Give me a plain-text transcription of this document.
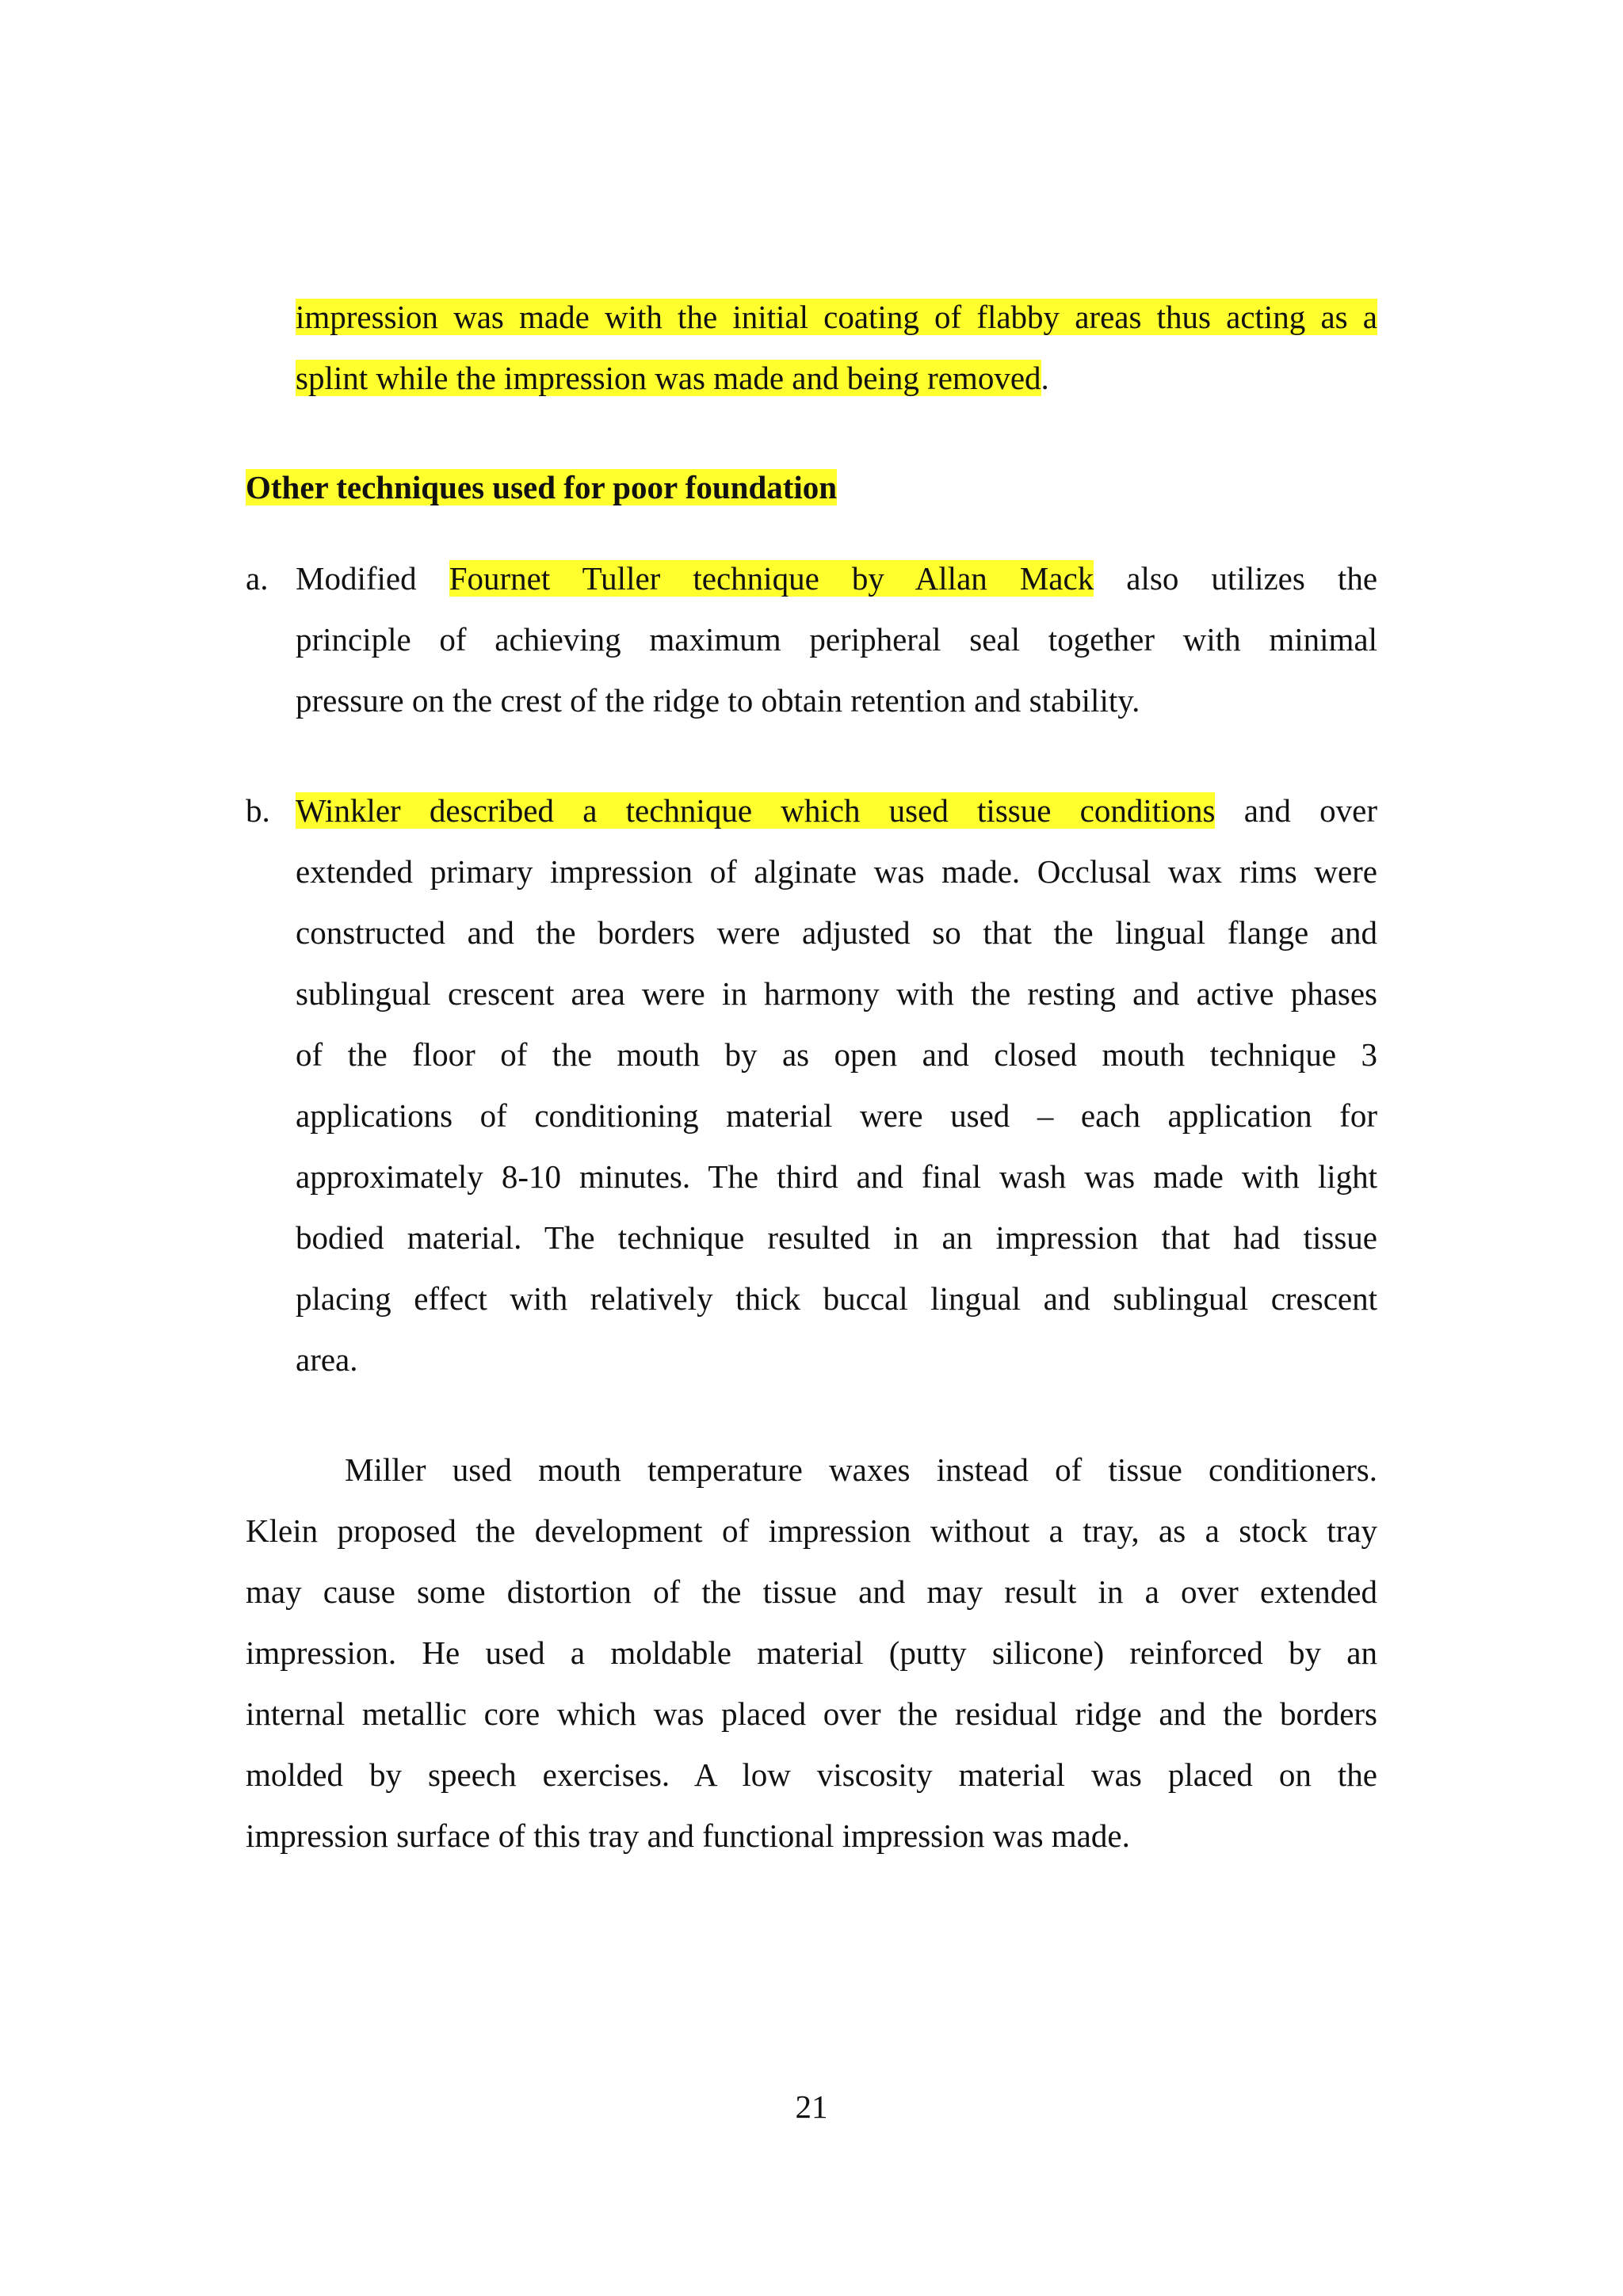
impression was made with the initial coating of flabby areas thus acting as a
splint while the impression was made and being removed.
Other techniques used for poor foundation
a. Modified Fournet Tuller technique by Allan Mack also utilizes the
principle of achieving maximum peripheral seal together with minimal
pressure on the crest of the ridge to obtain retention and stability.
b. Winkler described a technique which used tissue conditions and over
extended primary impression of alginate was made. Occlusal wax rims were
constructed and the borders were adjusted so that the lingual flange and
sublingual crescent area were in harmony with the resting and active phases
of the floor of the mouth by as open and closed mouth technique 3
applications of conditioning material were used – each application for
approximately 8-10 minutes. The third and final wash was made with light
bodied material. The technique resulted in an impression that had tissue
placing effect with relatively thick buccal lingual and sublingual crescent
area.
Miller used mouth temperature waxes instead of tissue conditioners.
Klein proposed the development of impression without a tray, as a stock tray
may cause some distortion of the tissue and may result in a over extended
impression. He used a moldable material (putty silicone) reinforced by an
internal metallic core which was placed over the residual ridge and the borders
molded by speech exercises. A low viscosity material was placed on the
impression surface of this tray and functional impression was made.
21
